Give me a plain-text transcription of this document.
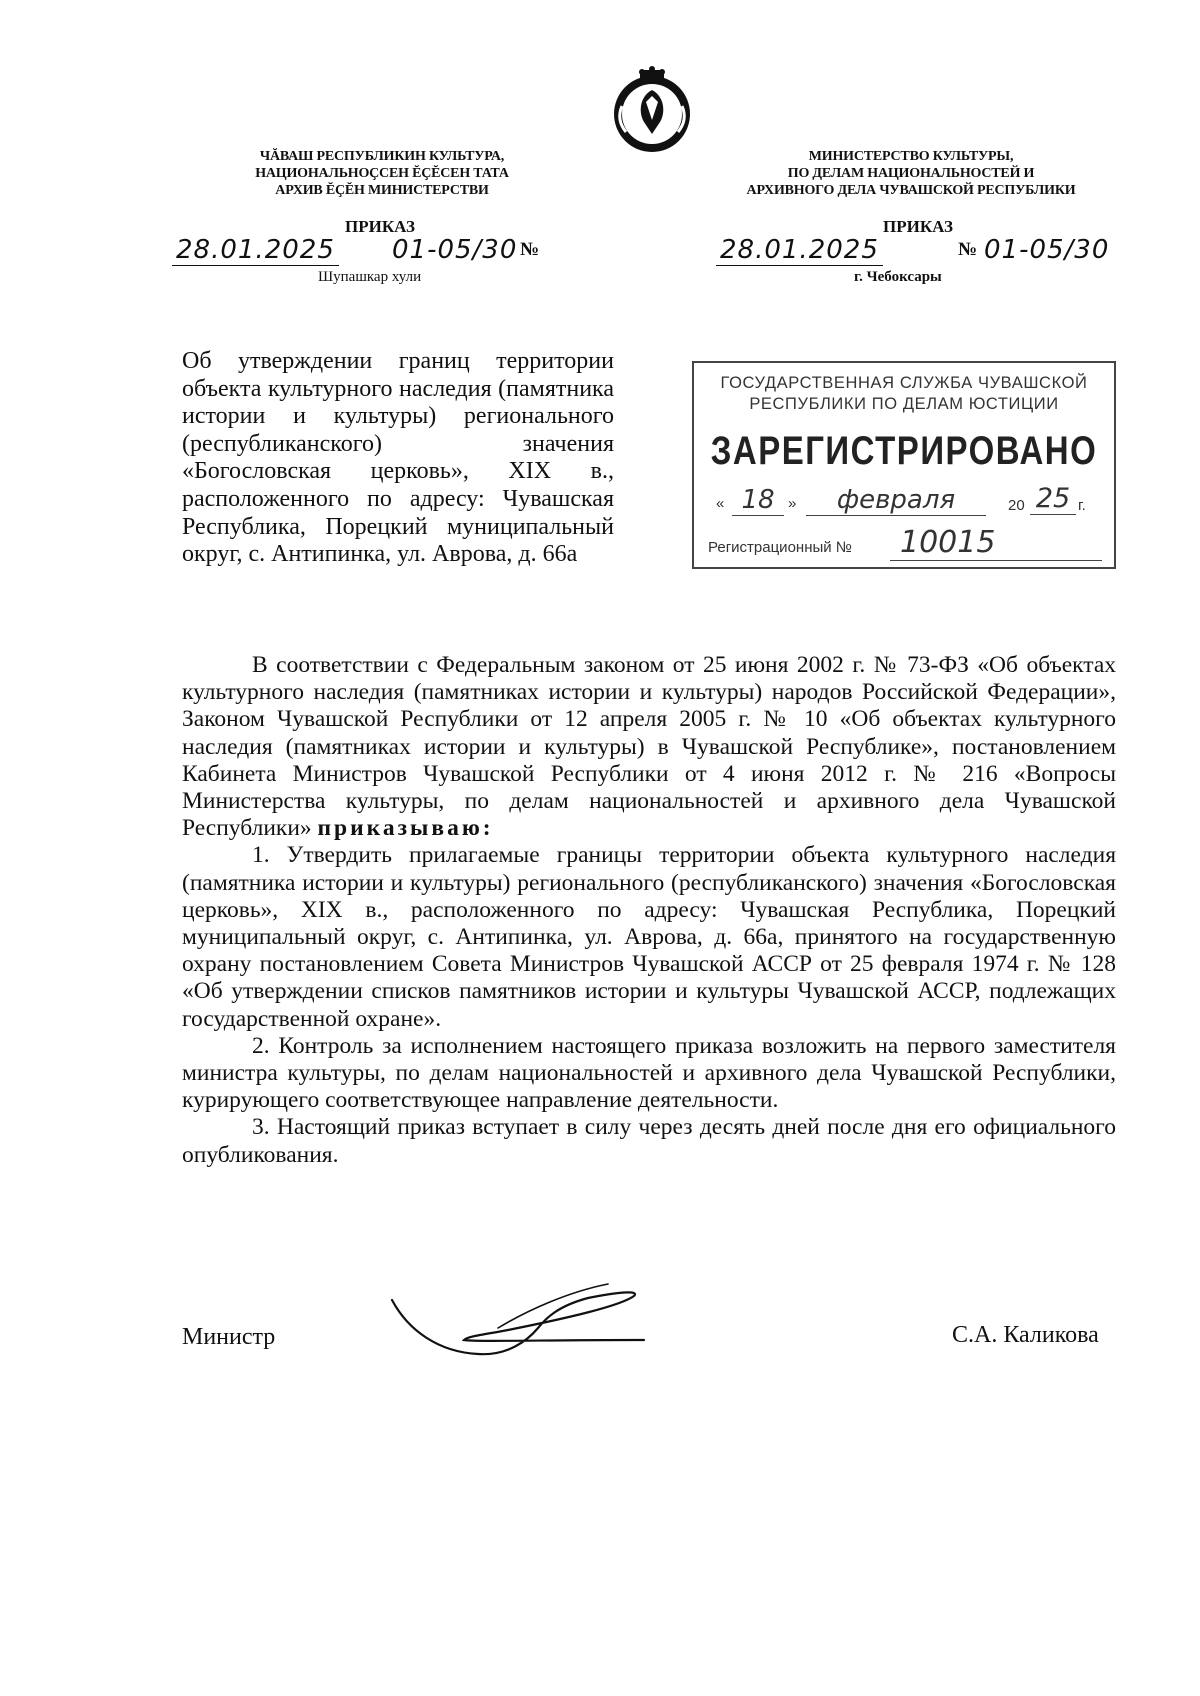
ЧĂВАШ РЕСПУБЛИКИН КУЛЬТУРА,
НАЦИОНАЛЬНОҪСЕН ĔҪĔСЕН ТАТА
АРХИВ ĔҪĔН МИНИСТЕРСТВИ
МИНИСТЕРСТВО КУЛЬТУРЫ,
ПО ДЕЛАМ НАЦИОНАЛЬНОСТЕЙ И
АРХИВНОГО ДЕЛА ЧУВАШСКОЙ РЕСПУБЛИКИ
ПРИКАЗ
28.01.2025 01-05/30 №
Шупашкар хули
ПРИКАЗ
28.01.2025	№ 01-05/30
г. Чебоксары
Об утверждении границ территории объекта культурного наследия (памятника истории и культуры) регионального (республиканского) значения «Богословская церковь», XIX в., расположенного по адресу: Чувашская Республика, Порецкий муниципальный округ, с. Антипинка, ул. Аврова, д. 66а
ГОСУДАРСТВЕННАЯ СЛУЖБА ЧУВАШСКОЙ
РЕСПУБЛИКИ ПО ДЕЛАМ ЮСТИЦИИ
ЗАРЕГИСТРИРОВАНО
« 18 »	февраля	20 25 г.
Регистрационный №	10015

В соответствии с Федеральным законом от 25 июня 2002 г. № 73-ФЗ «Об объектах культурного наследия (памятниках истории и культуры) народов Российской Федерации», Законом Чувашской Республики от 12 апреля 2005 г. № 10 «Об объектах культурного наследия (памятниках истории и культуры) в Чувашской Республике», постановлением Кабинета Министров Чувашской Республики от 4 июня 2012 г. № 216 «Вопросы Министерства культуры, по делам национальностей и архивного дела Чувашской Республики» приказываю:

1. Утвердить прилагаемые границы территории объекта культурного наследия (памятника истории и культуры) регионального (республиканского) значения «Богословская церковь», XIX в., расположенного по адресу: Чувашская Республика, Порецкий муниципальный округ, с. Антипинка, ул. Аврова, д. 66а, принятого на государственную охрану постановлением Совета Министров Чувашской АССР от 25 февраля 1974 г. № 128 «Об утверждении списков памятников истории и культуры Чувашской АССР, подлежащих государственной охране».

2. Контроль за исполнением настоящего приказа возложить на первого заместителя министра культуры, по делам национальностей и архивного дела Чувашской Республики, курирующего соответствующее направление деятельности.

3. Настоящий приказ вступает в силу через десять дней после дня его официального опубликования.

Министр	С.А. Каликова
